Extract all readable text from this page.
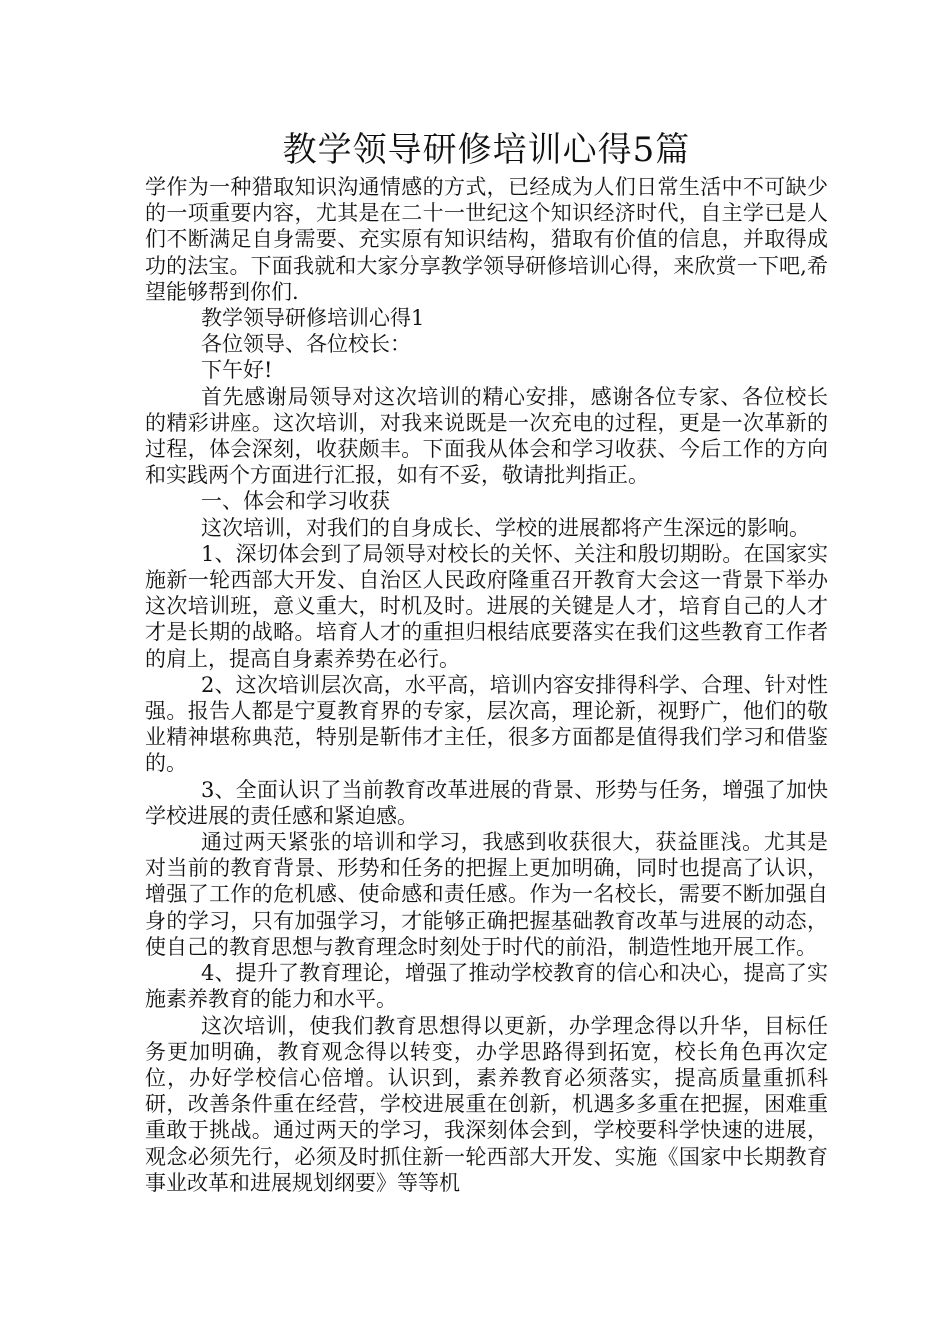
教学领导研修培训心得5篇

学作为一种猎取知识沟通情感的方式，已经成为人们日常生活中不可缺少的一项重要内容，尤其是在二十一世纪这个知识经济时代，自主学已是人们不断满足自身需要、充实原有知识结构，猎取有价值的信息，并取得成功的法宝。下面我就和大家分享教学领导研修培训心得，来欣赏一下吧,希望能够帮到你们.

教学领导研修培训心得1

各位领导、各位校长：

下午好!

首先感谢局领导对这次培训的精心安排，感谢各位专家、各位校长的精彩讲座。这次培训，对我来说既是一次充电的过程，更是一次革新的过程，体会深刻，收获颇丰。下面我从体会和学习收获、今后工作的方向和实践两个方面进行汇报，如有不妥，敬请批判指正。

一、体会和学习收获

这次培训，对我们的自身成长、学校的进展都将产生深远的影响。

1、深切体会到了局领导对校长的关怀、关注和殷切期盼。在国家实施新一轮西部大开发、自治区人民政府隆重召开教育大会这一背景下举办这次培训班，意义重大，时机及时。进展的关键是人才，培育自己的人才才是长期的战略。培育人才的重担归根结底要落实在我们这些教育工作者的肩上，提高自身素养势在必行。

2、这次培训层次高，水平高，培训内容安排得科学、合理、针对性强。报告人都是宁夏教育界的专家，层次高，理论新，视野广，他们的敬业精神堪称典范，特别是靳伟才主任，很多方面都是值得我们学习和借鉴的。

3、全面认识了当前教育改革进展的背景、形势与任务，增强了加快学校进展的责任感和紧迫感。

通过两天紧张的培训和学习，我感到收获很大，获益匪浅。尤其是对当前的教育背景、形势和任务的把握上更加明确，同时也提高了认识，增强了工作的危机感、使命感和责任感。作为一名校长，需要不断加强自身的学习，只有加强学习，才能够正确把握基础教育改革与进展的动态，使自己的教育思想与教育理念时刻处于时代的前沿，制造性地开展工作。

4、提升了教育理论，增强了推动学校教育的信心和决心，提高了实施素养教育的能力和水平。

这次培训，使我们教育思想得以更新，办学理念得以升华，目标任务更加明确，教育观念得以转变，办学思路得到拓宽，校长角色再次定位，办好学校信心倍增。认识到，素养教育必须落实，提高质量重抓科研，改善条件重在经营，学校进展重在创新，机遇多多重在把握，困难重重敢于挑战。通过两天的学习，我深刻体会到，学校要科学快速的进展，观念必须先行，必须及时抓住新一轮西部大开发、实施《国家中长期教育事业改革和进展规划纲要》等等机
